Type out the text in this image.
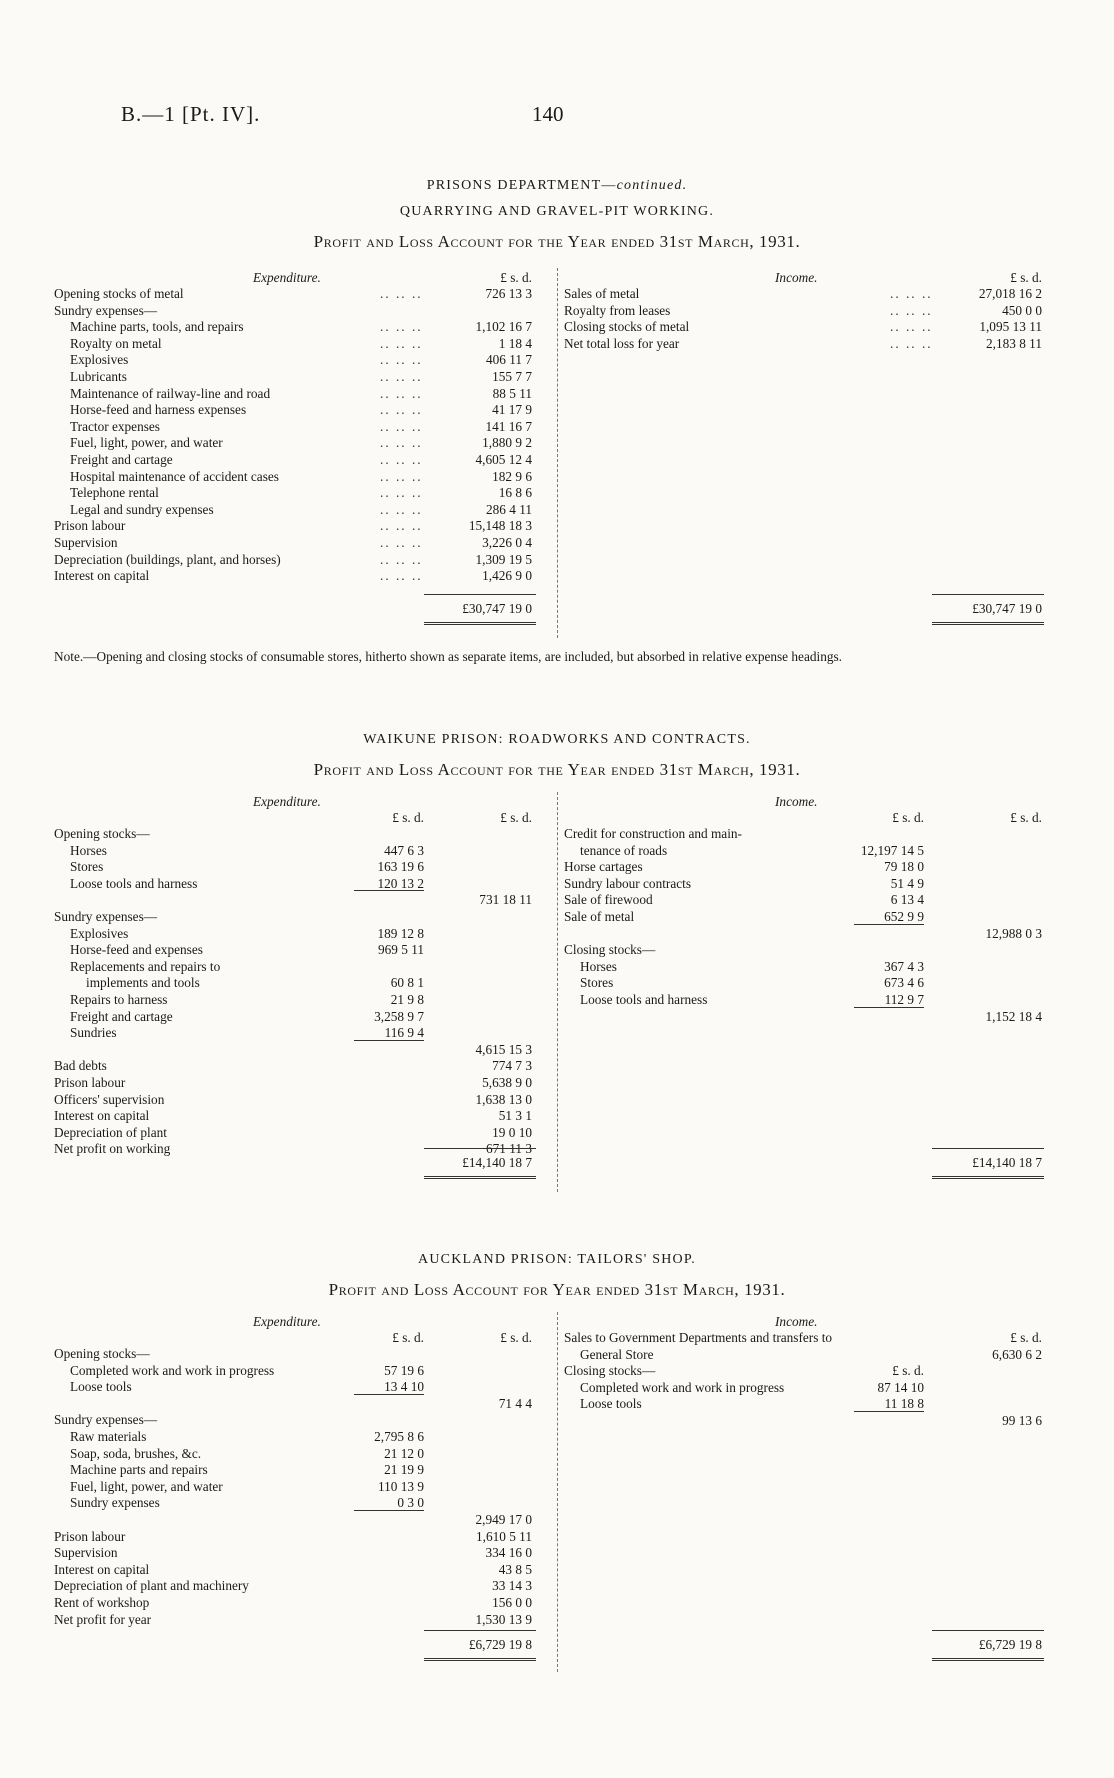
B.—1 [Pt. IV].	140
PRISONS DEPARTMENT—continued.
QUARRYING AND GRAVEL-PIT WORKING.
Profit and Loss Account for the Year ended 31st March, 1931.
Expenditure.	Income.
£ s. d.	£ s. d.
Opening stocks of metal	.. .. ..	726 13 3
Sundry expenses—
Machine parts, tools, and repairs	.. .. ..	1,102 16 7
Royalty on metal	.. .. ..	1 18 4
Explosives	.. .. ..	406 11 7
Lubricants	.. .. ..	155 7 7
Maintenance of railway-line and road	.. .. ..	88 5 11
Horse-feed and harness expenses	.. .. ..	41 17 9
Tractor expenses	.. .. ..	141 16 7
Fuel, light, power, and water	.. .. ..	1,880 9 2
Freight and cartage	.. .. ..	4,605 12 4
Hospital maintenance of accident cases	.. .. ..	182 9 6
Telephone rental	.. .. ..	16 8 6
Legal and sundry expenses	.. .. ..	286 4 11
Prison labour	.. .. ..	15,148 18 3
Supervision	.. .. ..	3,226 0 4
Depreciation (buildings, plant, and horses)	.. .. ..	1,309 19 5
Interest on capital	.. .. ..	1,426 9 0
Sales of metal	.. .. ..	27,018 16 2
Royalty from leases	.. .. ..	450 0 0
Closing stocks of metal	.. .. ..	1,095 13 11
Net total loss for year	.. .. ..	2,183 8 11
£30,747 19 0	£30,747 19 0
Note.—Opening and closing stocks of consumable stores, hitherto shown as separate items, are included, but absorbed in relative expense headings.
WAIKUNE PRISON: ROADWORKS AND CONTRACTS.
Profit and Loss Account for the Year ended 31st March, 1931.
Expenditure.	Income.
£ s. d.	£ s. d.	£ s. d.	£ s. d.
Opening stocks—
Horses	447 6 3
Stores	163 19 6
Loose tools and harness	120 13 2
731 18 11
Sundry expenses—
Explosives	189 12 8
Horse-feed and expenses	969 5 11
Replacements and repairs to
implements and tools	60 8 1
Repairs to harness	21 9 8
Freight and cartage	3,258 9 7
Sundries	116 9 4
4,615 15 3
Bad debts	774 7 3
Prison labour	5,638 9 0
Officers' supervision	1,638 13 0
Interest on capital	51 3 1
Depreciation of plant	19 0 10
Net profit on working	671 11 3
Credit for construction and main-
tenance of roads	12,197 14 5
Horse cartages	79 18 0
Sundry labour contracts	51 4 9
Sale of firewood	6 13 4
Sale of metal	652 9 9
12,988 0 3
Closing stocks—
Horses	367 4 3
Stores	673 4 6
Loose tools and harness	112 9 7
1,152 18 4
£14,140 18 7	£14,140 18 7
AUCKLAND PRISON: TAILORS' SHOP.
Profit and Loss Account for Year ended 31st March, 1931.
Expenditure.	Income.
£ s. d.	£ s. d.	£ s. d.
Opening stocks—
Completed work and work in progress	57 19 6
Loose tools	13 4 10
71 4 4
Sundry expenses—
Raw materials	2,795 8 6
Soap, soda, brushes, &c.	21 12 0
Machine parts and repairs	21 19 9
Fuel, light, power, and water	110 13 9
Sundry expenses	0 3 0
2,949 17 0
Prison labour	1,610 5 11
Supervision	334 16 0
Interest on capital	43 8 5
Depreciation of plant and machinery	33 14 3
Rent of workshop	156 0 0
Net profit for year	1,530 13 9
Sales to Government Departments and transfers to
General Store	6,630 6 2
Closing stocks—	£ s. d.
Completed work and work in progress	87 14 10
Loose tools	11 18 8
99 13 6
£6,729 19 8	£6,729 19 8
